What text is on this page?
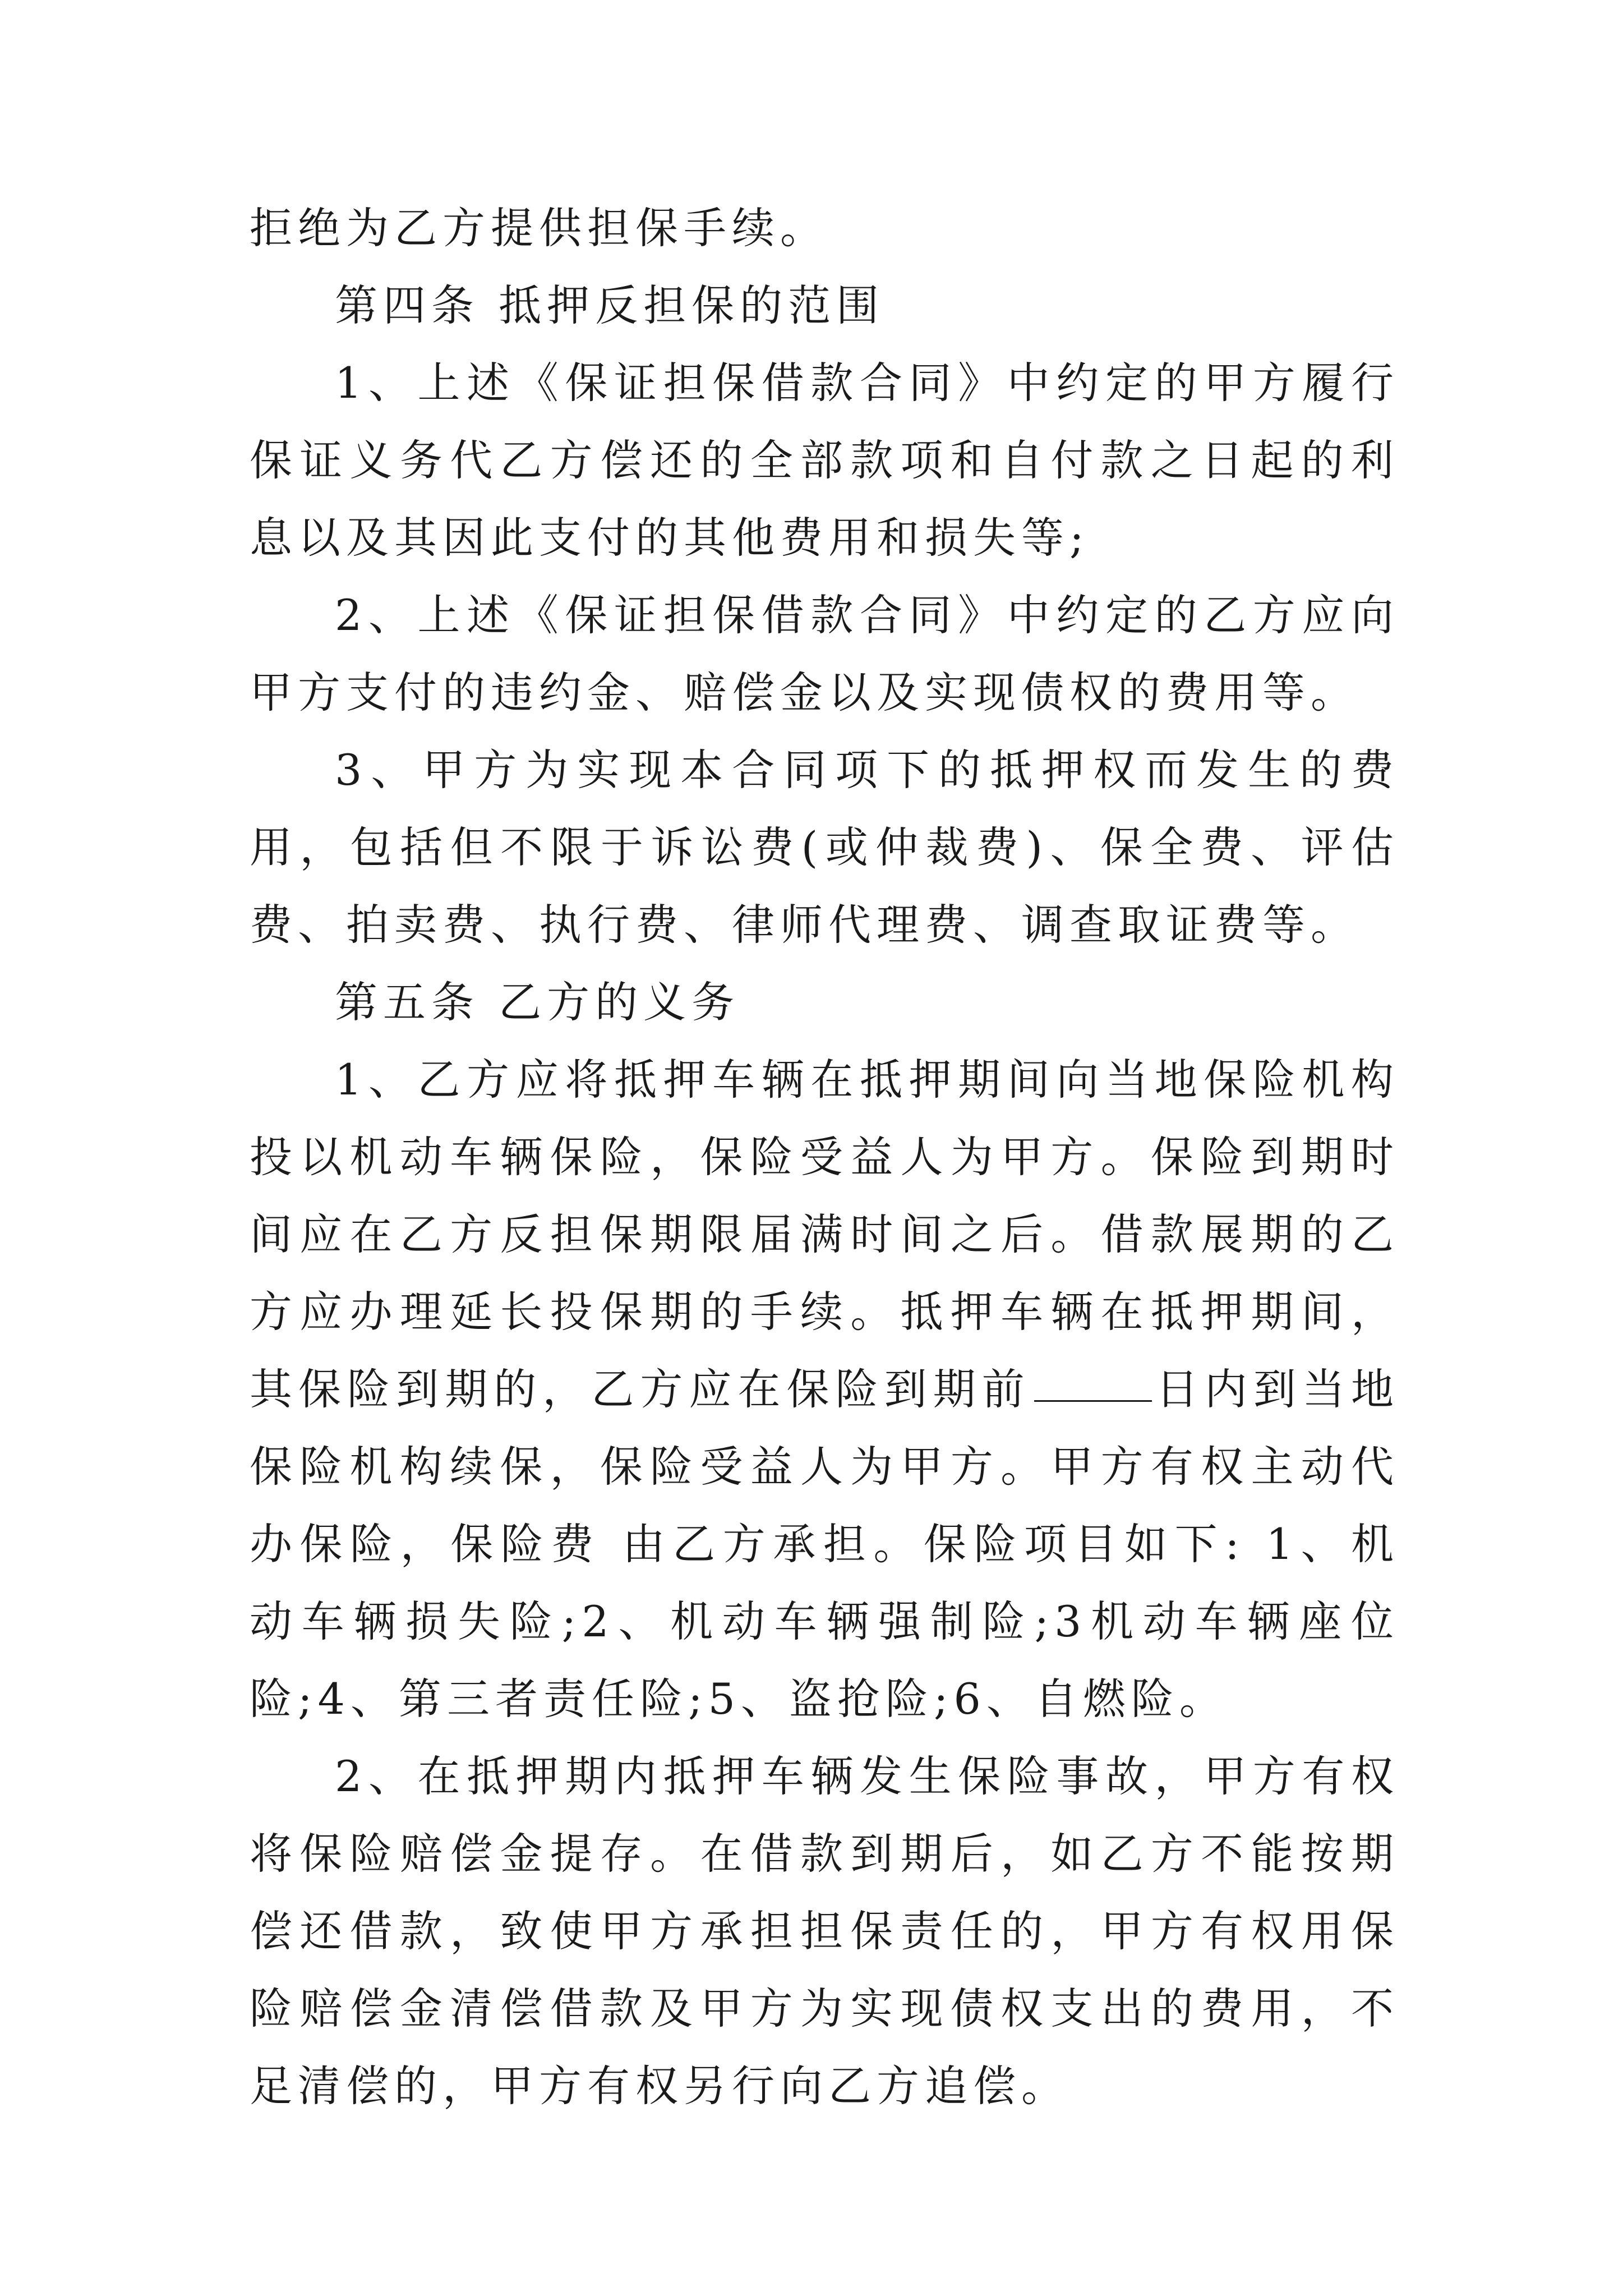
拒绝为乙方提供担保手续。

第四条 抵押反担保的范围

1、上述《保证担保借款合同》中约定的甲方履行保证义务代乙方偿还的全部款项和自付款之日起的利息以及其因此支付的其他费用和损失等;

2、上述《保证担保借款合同》中约定的乙方应向甲方支付的违约金、赔偿金以及实现债权的费用等。

3、甲方为实现本合同项下的抵押权而发生的费用，包括但不限于诉讼费(或仲裁费)、保全费、评估费、拍卖费、执行费、律师代理费、调查取证费等。

第五条 乙方的义务

1、乙方应将抵押车辆在抵押期间向当地保险机构投以机动车辆保险，保险受益人为甲方。保险到期时间应在乙方反担保期限届满时间之后。借款展期的乙方应办理延长投保期的手续。抵押车辆在抵押期间，其保险到期的，乙方应在保险到期前	日内到当地保险机构续保，保险受益人为甲方。甲方有权主动代办保险，保险费 由乙方承担。保险项目如下: 1、机动车辆损失险;2、机动车辆强制险;3机动车辆座位险;4、第三者责任险;5、盗抢险;6、自燃险。

2、在抵押期内抵押车辆发生保险事故，甲方有权将保险赔偿金提存。在借款到期后，如乙方不能按期偿还借款，致使甲方承担担保责任的，甲方有权用保险赔偿金清偿借款及甲方为实现债权支出的费用，不足清偿的，甲方有权另行向乙方追偿。
